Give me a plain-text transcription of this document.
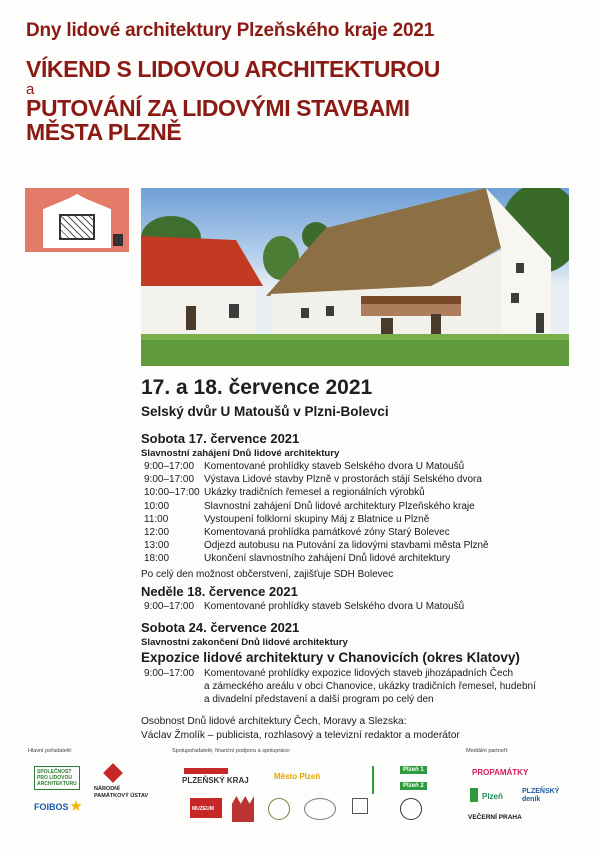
Dny lidové architektury Plzeňského kraje 2021
VÍKEND S LIDOVOU ARCHITEKTUROU
a
PUTOVÁNÍ ZA LIDOVÝMI STAVBAMI
MĚSTA PLZNĚ
17. a 18. července 2021
Selský dvůr U Matoušů v Plzni-Bolevci
Sobota 17. července 2021
Slavnostní zahájení Dnů lidové architektury
9:00–17:00 Komentované prohlídky staveb Selského dvora U Matoušů
9:00–17:00 Výstava Lidové stavby Plzně v prostorách stájí Selského dvora
10:00–17:00 Ukázky tradičních řemesel a regionálních výrobků
10:00	Slavnostní zahájení Dnů lidové architektury Plzeňského kraje
11:00	Vystoupení folklorní skupiny Máj z Blatnice u Plzně
12:00	Komentovaná prohlídka památkové zóny Starý Bolevec
13:00	Odjezd autobusu na Putování za lidovými stavbami města Plzně
18:00	Ukončení slavnostního zahájení Dnů lidové architektury
Po celý den možnost občerstvení, zajišťuje SDH Bolevec
Neděle 18. července 2021
9:00–17:00 Komentované prohlídky staveb Selského dvora U Matoušů
Sobota 24. července 2021
Slavnostní zakončení Dnů lidové architektury
Expozice lidové architektury v Chanovicích (okres Klatovy)
9:00–17:00 Komentované prohlídky expozice lidových staveb jihozápadních Čech
a zámeckého areálu v obci Chanovice, ukázky tradičních řemesel, hudební
a divadelní představení a další program po celý den
Osobnost Dnů lidové architektury Čech, Moravy a Slezska:
Václav Žmolík – publicista, rozhlasový a televizní redaktor a moderátor
Hlavní pořadatelé:	Spolupořadatelé, finanční podpora a spolupráce:	Mediální partneři:
SPOLEČNOST PRO LIDOVOU ARCHITEKTURU
NÁRODNÍ PAMÁTKOVÝ ÚSTAV
FOIBOS
PLZEŇSKÝ KRAJ	Město Plzeň
Plzeň 1
Plzeň 2
MUZEUM
PROPAMÁTKY
Plzeň
PLZEŇSKÝ deník
VEČERNÍ PRAHA
